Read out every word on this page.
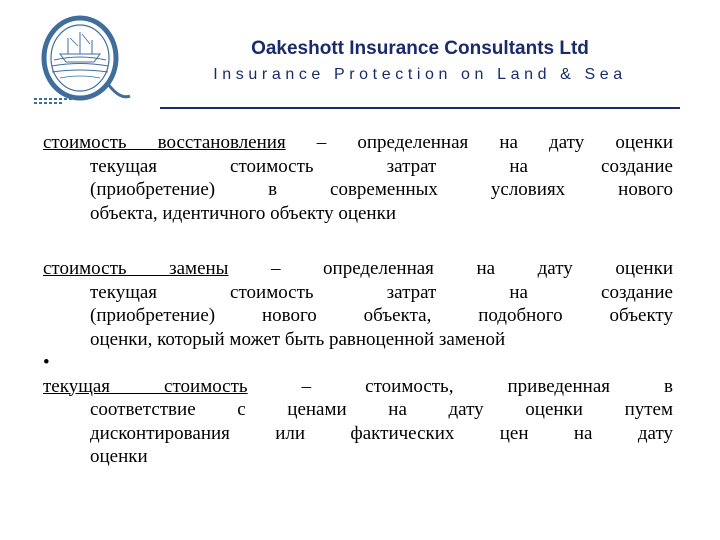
Oakeshott Insurance Consultants Ltd
Insurance Protection on Land & Sea
стоимость восстановления – определенная на дату оценки
текущая стоимость затрат на создание
(приобретение) в современных условиях нового
объекта, идентичного объекту оценки
стоимость замены – определенная на дату оценки
текущая стоимость затрат на создание
(приобретение) нового объекта, подобного объекту
оценки, который может быть равноценной заменой
•
текущая стоимость – стоимость, приведенная в
соответствие с ценами на дату оценки путем
дисконтирования или фактических цен на дату
оценки
